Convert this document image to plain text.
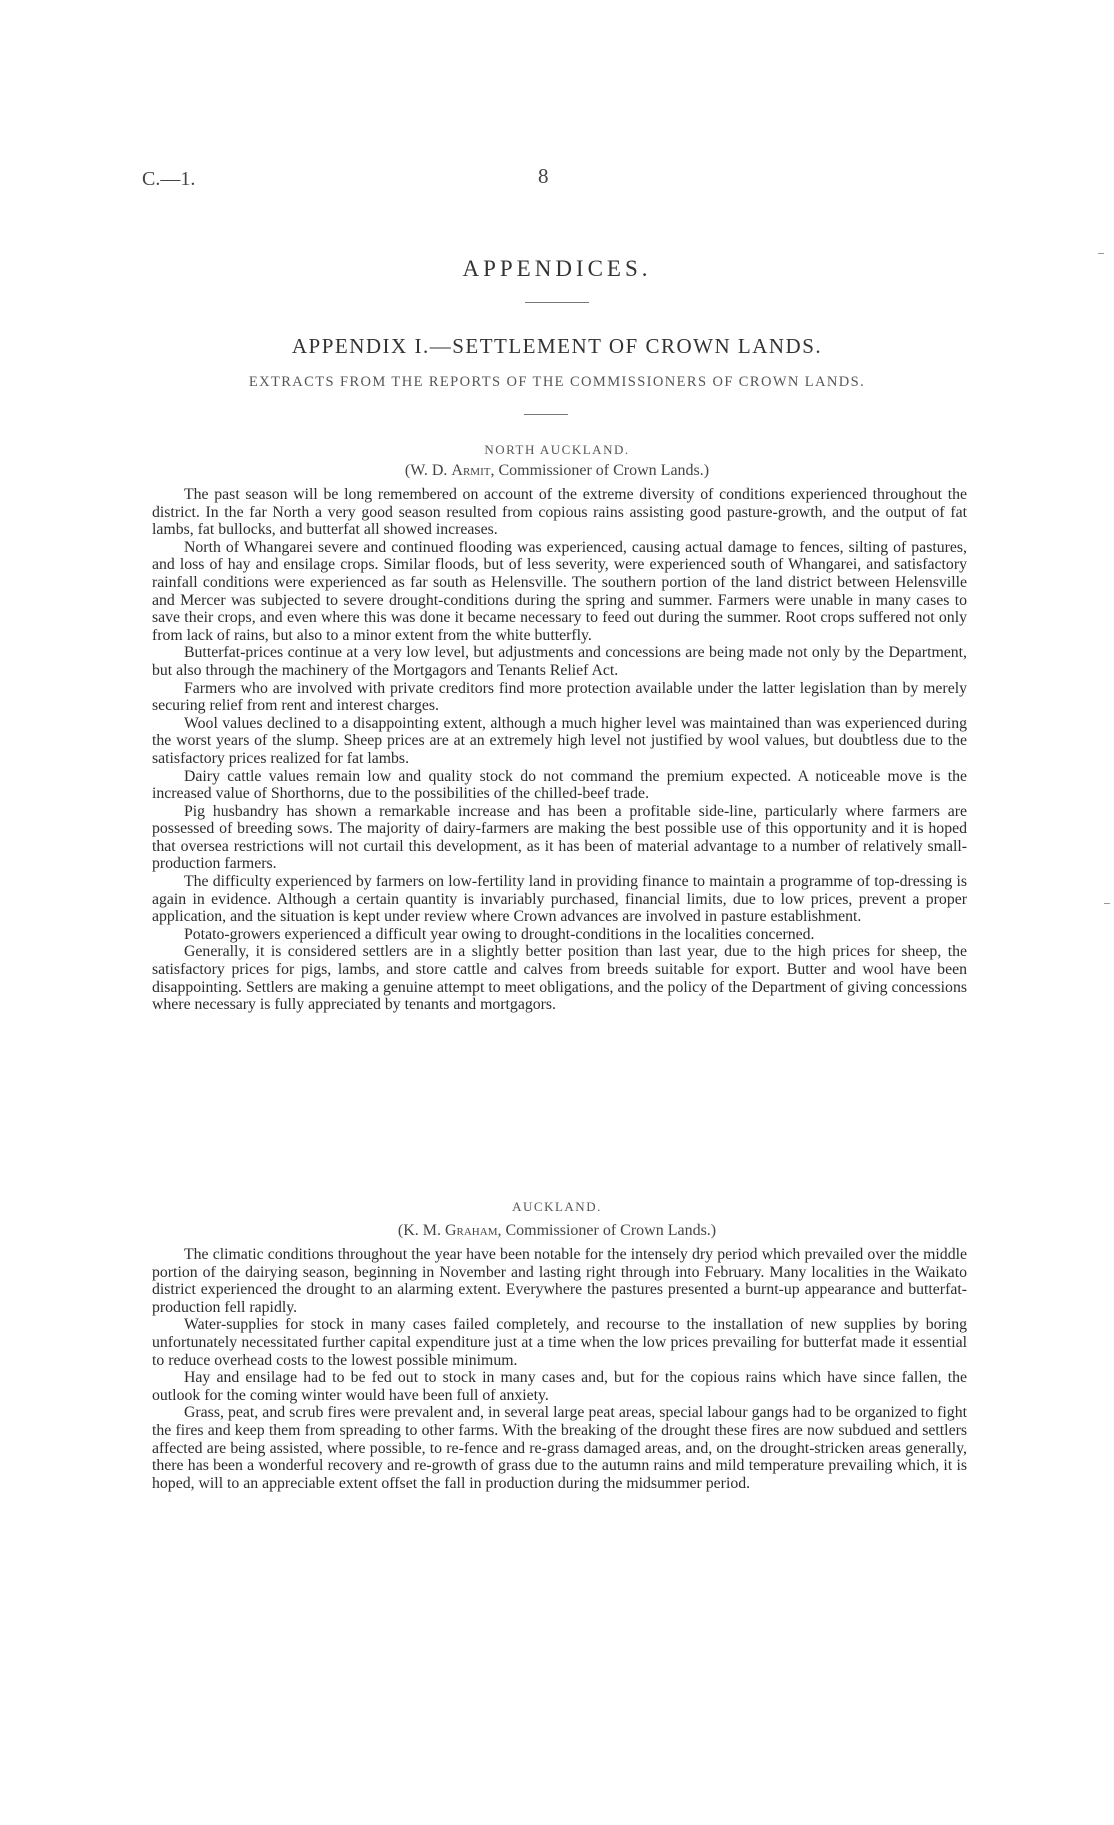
C.—1.	8
APPENDICES.
APPENDIX I.—SETTLEMENT OF CROWN LANDS.
EXTRACTS FROM THE REPORTS OF THE COMMISSIONERS OF CROWN LANDS.
NORTH AUCKLAND.
(W. D. Armit, Commissioner of Crown Lands.)

The past season will be long remembered on account of the extreme diversity of conditions experienced throughout the district. In the far North a very good season resulted from copious rains assisting good pasture-growth, and the output of fat lambs, fat bullocks, and butterfat all showed increases.

North of Whangarei severe and continued flooding was experienced, causing actual damage to fences, silting of pastures, and loss of hay and ensilage crops. Similar floods, but of less severity, were experienced south of Whangarei, and satisfactory rainfall conditions were experienced as far south as Helensville. The southern portion of the land district between Helensville and Mercer was subjected to severe drought-conditions during the spring and summer. Farmers were unable in many cases to save their crops, and even where this was done it became necessary to feed out during the summer. Root crops suffered not only from lack of rains, but also to a minor extent from the white butterfly.

Butterfat-prices continue at a very low level, but adjustments and concessions are being made not only by the Department, but also through the machinery of the Mortgagors and Tenants Relief Act.

Farmers who are involved with private creditors find more protection available under the latter legislation than by merely securing relief from rent and interest charges.

Wool values declined to a disappointing extent, although a much higher level was maintained than was experienced during the worst years of the slump. Sheep prices are at an extremely high level not justified by wool values, but doubtless due to the satisfactory prices realized for fat lambs.

Dairy cattle values remain low and quality stock do not command the premium expected. A noticeable move is the increased value of Shorthorns, due to the possibilities of the chilled-beef trade.

Pig husbandry has shown a remarkable increase and has been a profitable side-line, particularly where farmers are possessed of breeding sows. The majority of dairy-farmers are making the best possible use of this opportunity and it is hoped that oversea restrictions will not curtail this development, as it has been of material advantage to a number of relatively small-production farmers.

The difficulty experienced by farmers on low-fertility land in providing finance to maintain a programme of top-dressing is again in evidence. Although a certain quantity is invariably purchased, financial limits, due to low prices, prevent a proper application, and the situation is kept under review where Crown advances are involved in pasture establishment.

Potato-growers experienced a difficult year owing to drought-conditions in the localities concerned.

Generally, it is considered settlers are in a slightly better position than last year, due to the high prices for sheep, the satisfactory prices for pigs, lambs, and store cattle and calves from breeds suitable for export. Butter and wool have been disappointing. Settlers are making a genuine attempt to meet obligations, and the policy of the Department of giving concessions where necessary is fully appreciated by tenants and mortgagors.

AUCKLAND.
(K. M. Graham, Commissioner of Crown Lands.)

The climatic conditions throughout the year have been notable for the intensely dry period which prevailed over the middle portion of the dairying season, beginning in November and lasting right through into February. Many localities in the Waikato district experienced the drought to an alarming extent. Everywhere the pastures presented a burnt-up appearance and butterfat-production fell rapidly.

Water-supplies for stock in many cases failed completely, and recourse to the installation of new supplies by boring unfortunately necessitated further capital expenditure just at a time when the low prices prevailing for butterfat made it essential to reduce overhead costs to the lowest possible minimum.

Hay and ensilage had to be fed out to stock in many cases and, but for the copious rains which have since fallen, the outlook for the coming winter would have been full of anxiety.

Grass, peat, and scrub fires were prevalent and, in several large peat areas, special labour gangs had to be organized to fight the fires and keep them from spreading to other farms. With the breaking of the drought these fires are now subdued and settlers affected are being assisted, where possible, to re-fence and re-grass damaged areas, and, on the drought-stricken areas generally, there has been a wonderful recovery and re-growth of grass due to the autumn rains and mild temperature prevailing which, it is hoped, will to an appreciable extent offset the fall in production during the midsummer period.
